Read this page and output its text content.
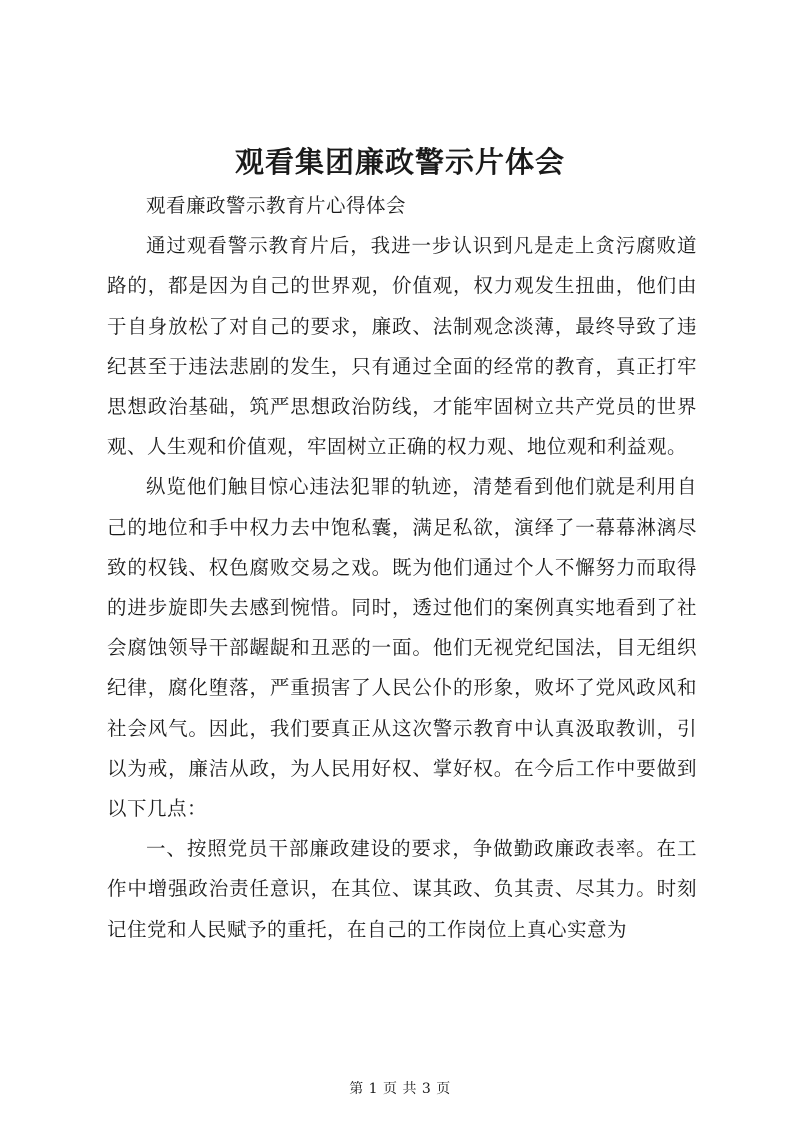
观看集团廉政警示片体会

观看廉政警示教育片心得体会

通过观看警示教育片后，我进一步认识到凡是走上贪污腐败道路的，都是因为自己的世界观，价值观，权力观发生扭曲，他们由于自身放松了对自己的要求，廉政、法制观念淡薄，最终导致了违纪甚至于违法悲剧的发生，只有通过全面的经常的教育，真正打牢思想政治基础，筑严思想政治防线，才能牢固树立共产党员的世界观、人生观和价值观，牢固树立正确的权力观、地位观和利益观。

纵览他们触目惊心违法犯罪的轨迹，清楚看到他们就是利用自己的地位和手中权力去中饱私囊，满足私欲，演绎了一幕幕淋漓尽致的权钱、权色腐败交易之戏。既为他们通过个人不懈努力而取得的进步旋即失去感到惋惜。同时，透过他们的案例真实地看到了社会腐蚀领导干部龌龊和丑恶的一面。他们无视党纪国法，目无组织纪律，腐化堕落，严重损害了人民公仆的形象，败坏了党风政风和社会风气。因此，我们要真正从这次警示教育中认真汲取教训，引以为戒，廉洁从政，为人民用好权、掌好权。在今后工作中要做到以下几点：

一、按照党员干部廉政建设的要求，争做勤政廉政表率。在工作中增强政治责任意识，在其位、谋其政、负其责、尽其力。时刻记住党和人民赋予的重托，在自己的工作岗位上真心实意为

第 1 页 共 3 页
